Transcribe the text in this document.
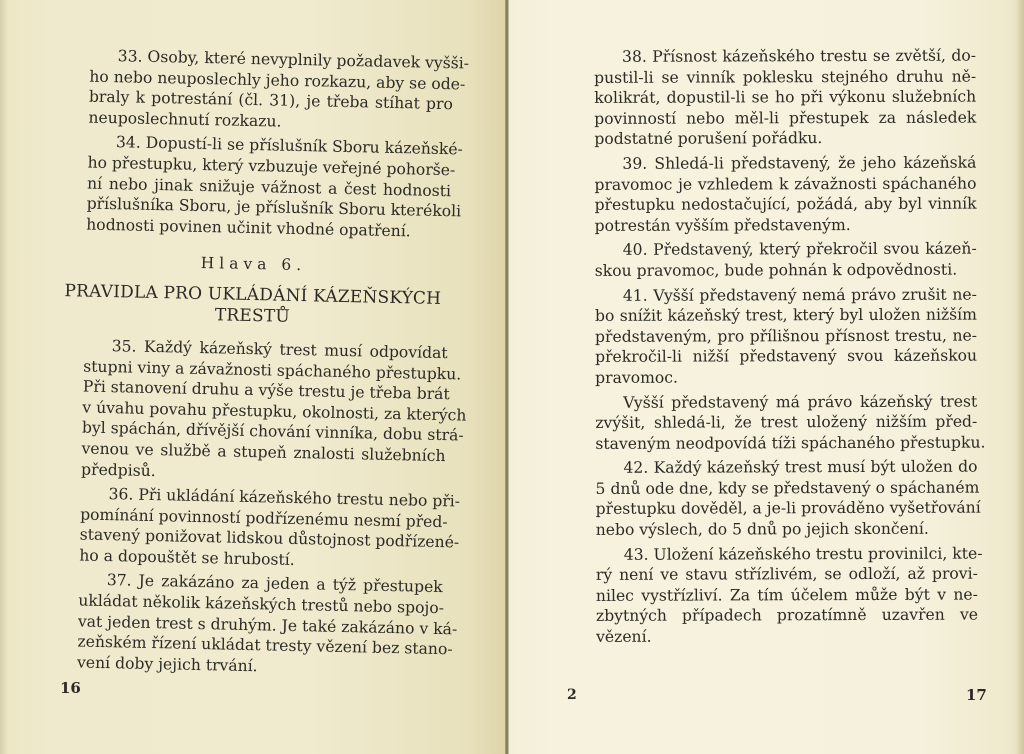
33. Osoby, které nevyplnily požadavek vyšši-
ho nebo neuposlechly jeho rozkazu, aby se ode-
braly k potrestání (čl. 31), je třeba stíhat pro
neuposlechnutí rozkazu.

34. Dopustí-li se příslušník Sboru kázeňské-
ho přestupku, který vzbuzuje veřejné pohorše-
ní nebo jinak snižuje vážnost a čest hodnosti
příslušníka Sboru, je příslušník Sboru kterékoli
hodnosti povinen učinit vhodné opatření.

Hlava 6.
PRAVIDLA PRO UKLÁDÁNÍ KÁZEŇSKÝCH
TRESTŮ

35. Každý kázeňský trest musí odpovídat
stupni viny a závažnosti spáchaného přestupku.
Při stanovení druhu a výše trestu je třeba brát
v úvahu povahu přestupku, okolnosti, za kterých
byl spáchán, dřívější chování vinníka, dobu strá-
venou ve službě a stupeň znalosti služebních
předpisů.

36. Při ukládání kázeňského trestu nebo při-
pomínání povinností podřízenému nesmí před-
stavený ponižovat lidskou důstojnost podřízené-
ho a dopouštět se hrubostí.

37. Je zakázáno za jeden a týž přestupek
ukládat několik kázeňských trestů nebo spojo-
vat jeden trest s druhým. Je také zakázáno v ká-
zeňském řízení ukládat tresty vězení bez stano-
vení doby jejich trvání.

16

38. Přísnost kázeňského trestu se zvětší, do-
pustil-li se vinník poklesku stejného druhu ně-
kolikrát, dopustil-li se ho při výkonu služebních
povinností nebo měl-li přestupek za následek
podstatné porušení pořádku.

39. Shledá-li představený, že jeho kázeňská
pravomoc je vzhledem k závažnosti spáchaného
přestupku nedostačující, požádá, aby byl vinník
potrestán vyšším představeným.

40. Představený, který překročil svou kázeň-
skou pravomoc, bude pohnán k odpovědnosti.

41. Vyšší představený nemá právo zrušit ne-
bo snížit kázeňský trest, který byl uložen nižším
představeným, pro přílišnou přísnost trestu, ne-
překročil-li nižší představený svou kázeňskou
pravomoc.

Vyšší představený má právo kázeňský trest
zvýšit, shledá-li, že trest uložený nižším před-
staveným neodpovídá tíži spáchaného přestupku.

42. Každý kázeňský trest musí být uložen do
5 dnů ode dne, kdy se představený o spáchaném
přestupku dověděl, a je-li prováděno vyšetřování
nebo výslech, do 5 dnů po jejich skončení.

43. Uložení kázeňského trestu provinilci, kte-
rý není ve stavu střízlivém, se odloží, až provi-
nilec vystřízliví. Za tím účelem může být v ne-
zbytných případech prozatímně uzavřen ve
vězení.

2	17
